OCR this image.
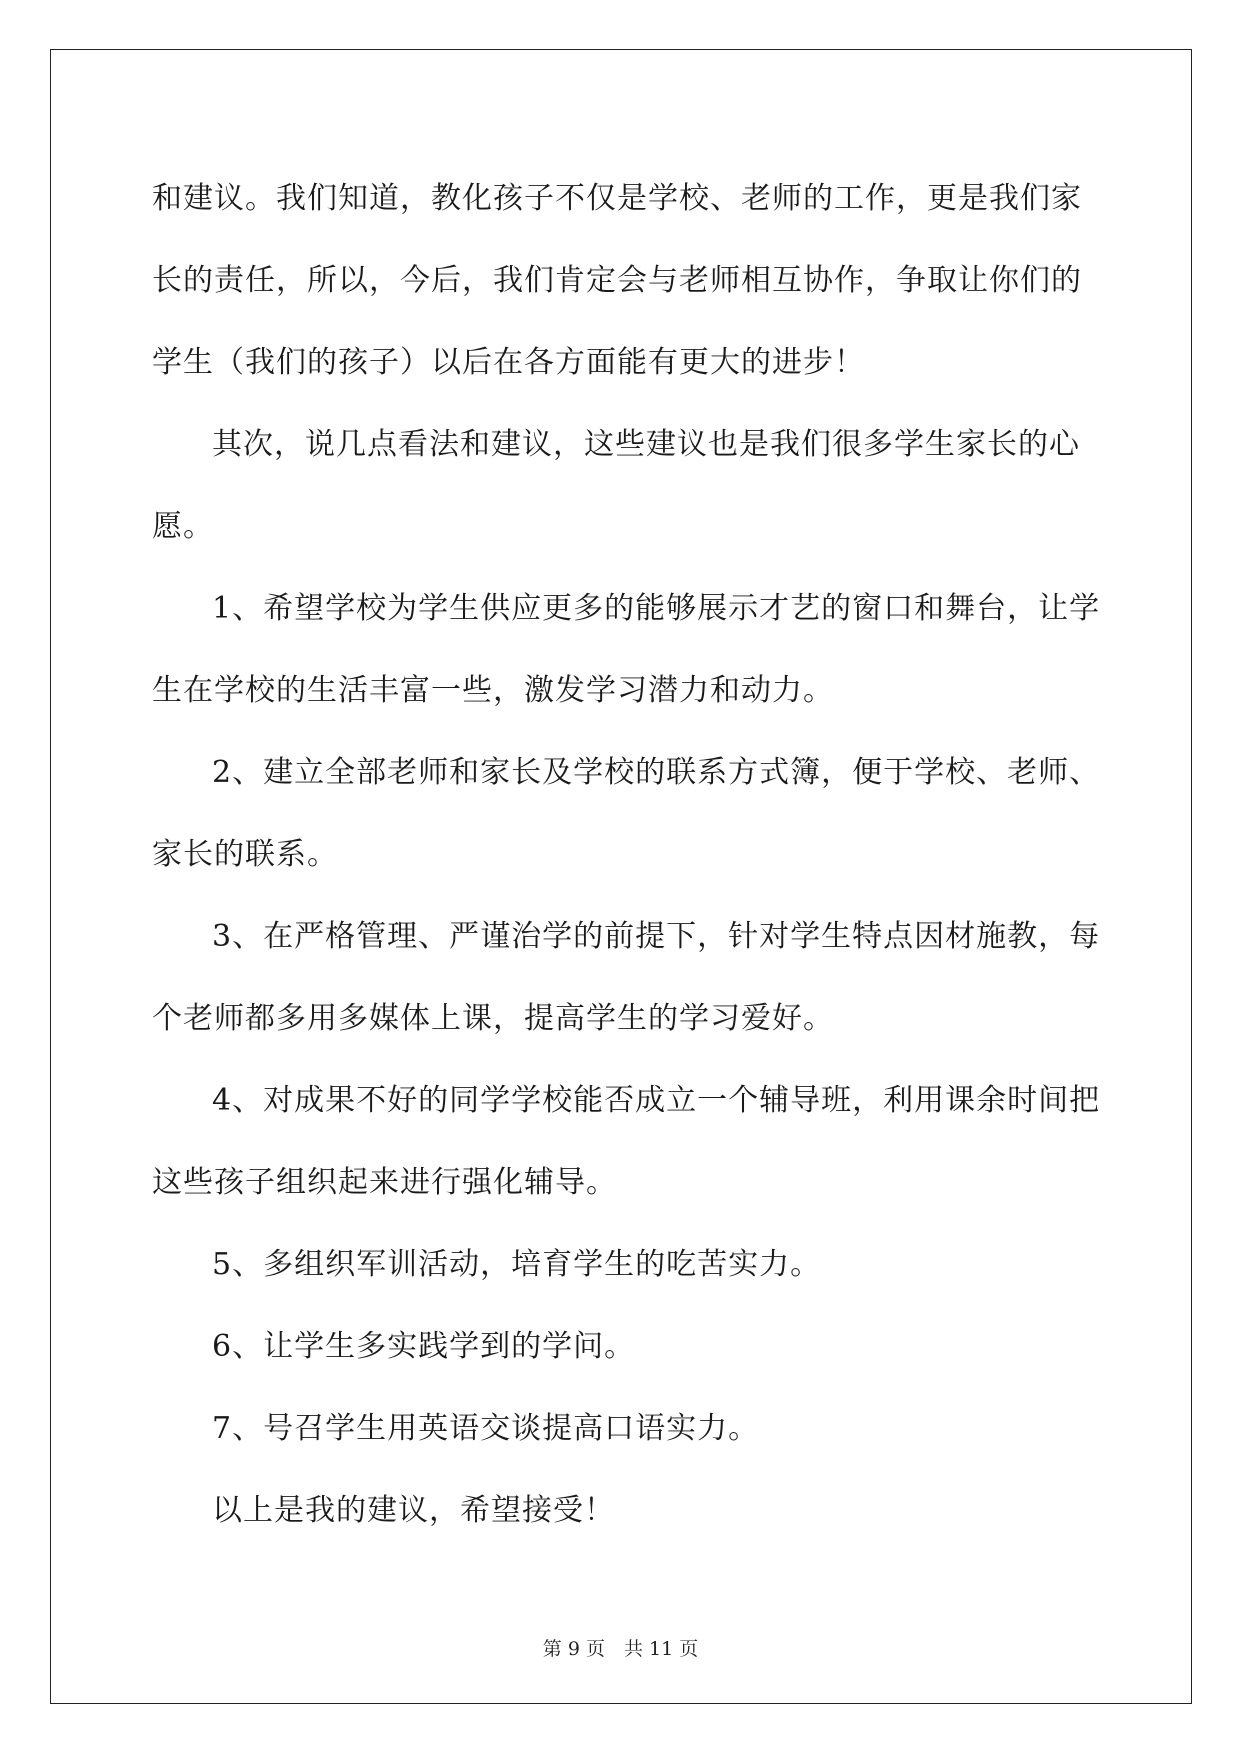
和建议。我们知道，教化孩子不仅是学校、老师的工作，更是我们家
长的责任，所以，今后，我们肯定会与老师相互协作，争取让你们的
学生（我们的孩子）以后在各方面能有更大的进步！
其次，说几点看法和建议，这些建议也是我们很多学生家长的心
愿。
1、希望学校为学生供应更多的能够展示才艺的窗口和舞台，让学
生在学校的生活丰富一些，激发学习潜力和动力。
2、建立全部老师和家长及学校的联系方式簿，便于学校、老师、
家长的联系。
3、在严格管理、严谨治学的前提下，针对学生特点因材施教，每
个老师都多用多媒体上课，提高学生的学习爱好。
4、对成果不好的同学学校能否成立一个辅导班，利用课余时间把
这些孩子组织起来进行强化辅导。
5、多组织军训活动，培育学生的吃苦实力。
6、让学生多实践学到的学问。
7、号召学生用英语交谈提高口语实力。
以上是我的建议，希望接受！
第 9 页　共 11 页
